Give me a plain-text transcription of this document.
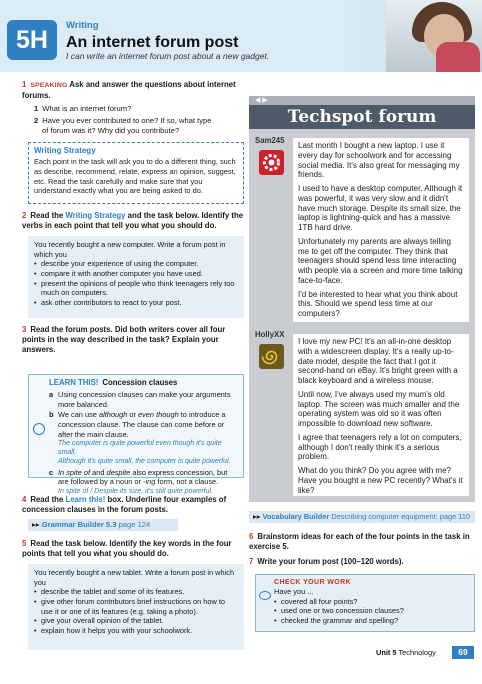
5H
Writing
An internet forum post
I can write an internet forum post about a new gadget.
1 SPEAKING Ask and answer the questions about internet forums.
1 What is an internet forum?
2 Have you ever contributed to one? If so, what type
of forum was it? Why did you contribute?
Writing Strategy

Each point in the task will ask you to do a different thing, such as describe, recommend, relate, express an opinion, suggest, etc. Read the task carefully and make sure that you understand exactly what you are being asked to do.

2 Read the Writing Strategy and the task below. Identify the verbs in each point that tell you what you should do.
You recently bought a new computer. Write a forum post in which you
• describe your experience of using the computer.
• compare it with another computer you have used.
• present the opinions of people who think teenagers rely too much on computers.
• ask other contributors to react to your post.
3 Read the forum posts. Did both writers cover all four points in the way described in the task? Explain your answers.
LEARN THIS! Concession clauses
a Using concession clauses can make your arguments more balanced.
b We can use although or even though to introduce a concession clause. The clause can come before or after the main clause.
The computer is quite powerful even though it's quite small.
Although it's quite small, the computer is quite powerful.
c In spite of and despite also express concession, but are followed by a noun or -ing form, not a clause.
In spite of / Despite its size, it's still quite powerful.
4 Read the Learn this! box. Underline four examples of concession clauses in the forum posts.
▸▸ Grammar Builder 5.3 page 124
5 Read the task below. Identify the key words in the four points that tell you what you should do.
You recently bought a new tablet. Write a forum post in which you
• describe the tablet and some of its features.
• give other forum contributors brief instructions on how to use it or one of its features (e.g. taking a photo).
• give your overall opinion of the tablet.
• explain how it helps you with your schoolwork.
◀ ▶
Techspot forum
Sam245

Last month I bought a new laptop. I use it every day for schoolwork and for accessing social media. It's also great for messaging my friends.

I used to have a desktop computer. Although it was powerful, it was very slow and it didn't have much storage. Despite its small size, the laptop is lightning-quick and has a massive 1TB hard drive.

Unfortunately my parents are always telling me to get off the computer. They think that teenagers should spend less time interacting with people via a screen and more time talking face-to-face.

I'd be interested to hear what you think about this. Should we spend less time at our computers?

HollyXX

I love my new PC! It's an all-in-one desktop with a widescreen display. It's a really up-to-date model, despite the fact that I got it second-hand on eBay. It's bright green with a black keyboard and a wireless mouse.

Until now, I've always used my mum's old laptop. The screen was much smaller and the operating system was old so it was often impossible to download new software.

I agree that teenagers rely a lot on computers, although I don't really think it's a serious problem.

What do you think? Do you agree with me? Have you bought a new PC recently? What's it like?

▸▸ Vocabulary Builder Describing computer equipment: page 110
6 Brainstorm ideas for each of the four points in the task in exercise 5.
7 Write your forum post (100–120 words).
CHECK YOUR WORK
Have you ...
• covered all four points?
• used one or two concession clauses?
• checked the grammar and spelling?
Unit 5 Technology	69
